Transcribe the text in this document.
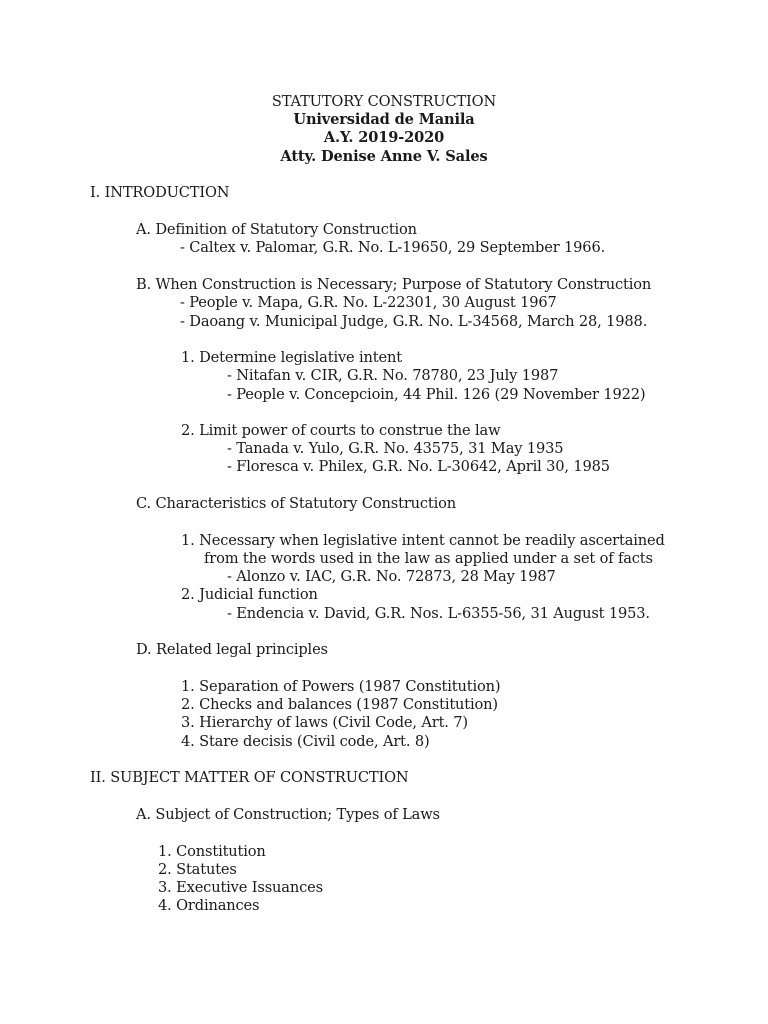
STATUTORY CONSTRUCTION
Universidad de Manila
A.Y. 2019-2020
Atty. Denise Anne V. Sales
I. INTRODUCTION
A. Definition of Statutory Construction
- Caltex v. Palomar, G.R. No. L-19650, 29 September 1966.
B. When Construction is Necessary; Purpose of Statutory Construction
- People v. Mapa, G.R. No. L-22301, 30 August 1967
- Daoang v. Municipal Judge, G.R. No. L-34568, March 28, 1988.
1. Determine legislative intent
- Nitafan v. CIR, G.R. No. 78780, 23 July 1987
- People v. Concepcioin, 44 Phil. 126 (29 November 1922)
2. Limit power of courts to construe the law
- Tanada v. Yulo, G.R. No. 43575, 31 May 1935
- Floresca v. Philex, G.R. No. L-30642, April 30, 1985
C. Characteristics of Statutory Construction
1. Necessary when legislative intent cannot be readily ascertained
from the words used in the law as applied under a set of facts
- Alonzo v. IAC, G.R. No. 72873, 28 May 1987
2. Judicial function
- Endencia v. David, G.R. Nos. L-6355-56, 31 August 1953.
D. Related legal principles
1. Separation of Powers (1987 Constitution)
2. Checks and balances (1987 Constitution)
3. Hierarchy of laws (Civil Code, Art. 7)
4. Stare decisis (Civil code, Art. 8)
II. SUBJECT MATTER OF CONSTRUCTION
A. Subject of Construction; Types of Laws
1. Constitution
2. Statutes
3. Executive Issuances
4. Ordinances
